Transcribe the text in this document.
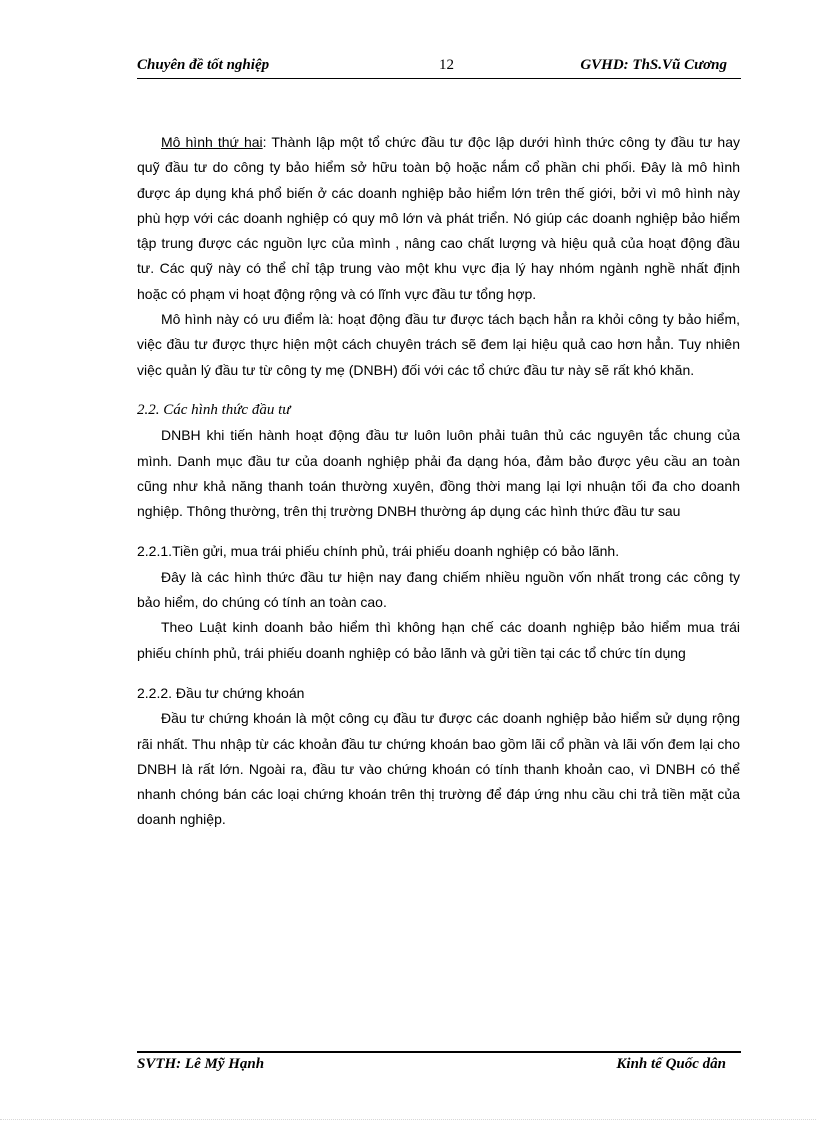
Chuyên đề tốt nghiệp	12	GVHD: ThS.Vũ Cương

Mô hình thứ hai: Thành lập một tổ chức đầu tư độc lập dưới hình thức công ty đầu tư hay quỹ đầu tư do công ty bảo hiểm sở hữu toàn bộ hoặc nắm cổ phần chi phối. Đây là mô hình được áp dụng khá phổ biến ở các doanh nghiệp bảo hiểm lớn trên thế giới, bởi vì mô hình này phù hợp với các doanh nghiệp có quy mô lớn và phát triển. Nó giúp các doanh nghiệp bảo hiểm tập trung được các nguồn lực của mình , nâng cao chất lượng và hiệu quả của hoạt động đầu tư. Các quỹ này có thể chỉ tập trung vào một khu vực địa lý hay nhóm ngành nghề nhất định hoặc có phạm vi hoạt động rộng và có lĩnh vực đầu tư tổng hợp.

Mô hình này có ưu điểm là: hoạt động đầu tư được tách bạch hẳn ra khỏi công ty bảo hiểm, việc đầu tư được thực hiện một cách chuyên trách sẽ đem lại hiệu quả cao hơn hẳn. Tuy nhiên việc quản lý đầu tư từ công ty mẹ (DNBH) đối với các tổ chức đầu tư này sẽ rất khó khăn.

2.2. Các hình thức đầu tư

DNBH khi tiến hành hoạt động đầu tư luôn luôn phải tuân thủ các nguyên tắc chung của mình. Danh mục đầu tư của doanh nghiệp phải đa dạng hóa, đảm bảo được yêu cầu an toàn cũng như khả năng thanh toán thường xuyên, đồng thời mang lại lợi nhuận tối đa cho doanh nghiệp. Thông thường, trên thị trường DNBH thường áp dụng các hình thức đầu tư sau

2.2.1.Tiền gửi, mua trái phiếu chính phủ, trái phiếu doanh nghiệp có bảo lãnh.

Đây là các hình thức đầu tư hiện nay đang chiếm nhiều nguồn vốn nhất trong các công ty bảo hiểm, do chúng có tính an toàn cao.

Theo Luật kinh doanh bảo hiểm thì không hạn chế các doanh nghiệp bảo hiểm mua trái phiếu chính phủ, trái phiếu doanh nghiệp có bảo lãnh và gửi tiền tại các tổ chức tín dụng

2.2.2. Đầu tư chứng khoán

Đầu tư chứng khoán là một công cụ đầu tư được các doanh nghiệp bảo hiểm sử dụng rộng rãi nhất. Thu nhập từ các khoản đầu tư chứng khoán bao gồm lãi cổ phần và lãi vốn đem lại cho DNBH là rất lớn. Ngoài ra, đầu tư vào chứng khoán có tính thanh khoản cao, vì DNBH có thể nhanh chóng bán các loại chứng khoán trên thị trường để đáp ứng nhu cầu chi trả tiền mặt của doanh nghiệp.

SVTH: Lê Mỹ Hạnh	Kinh tế Quốc dân
